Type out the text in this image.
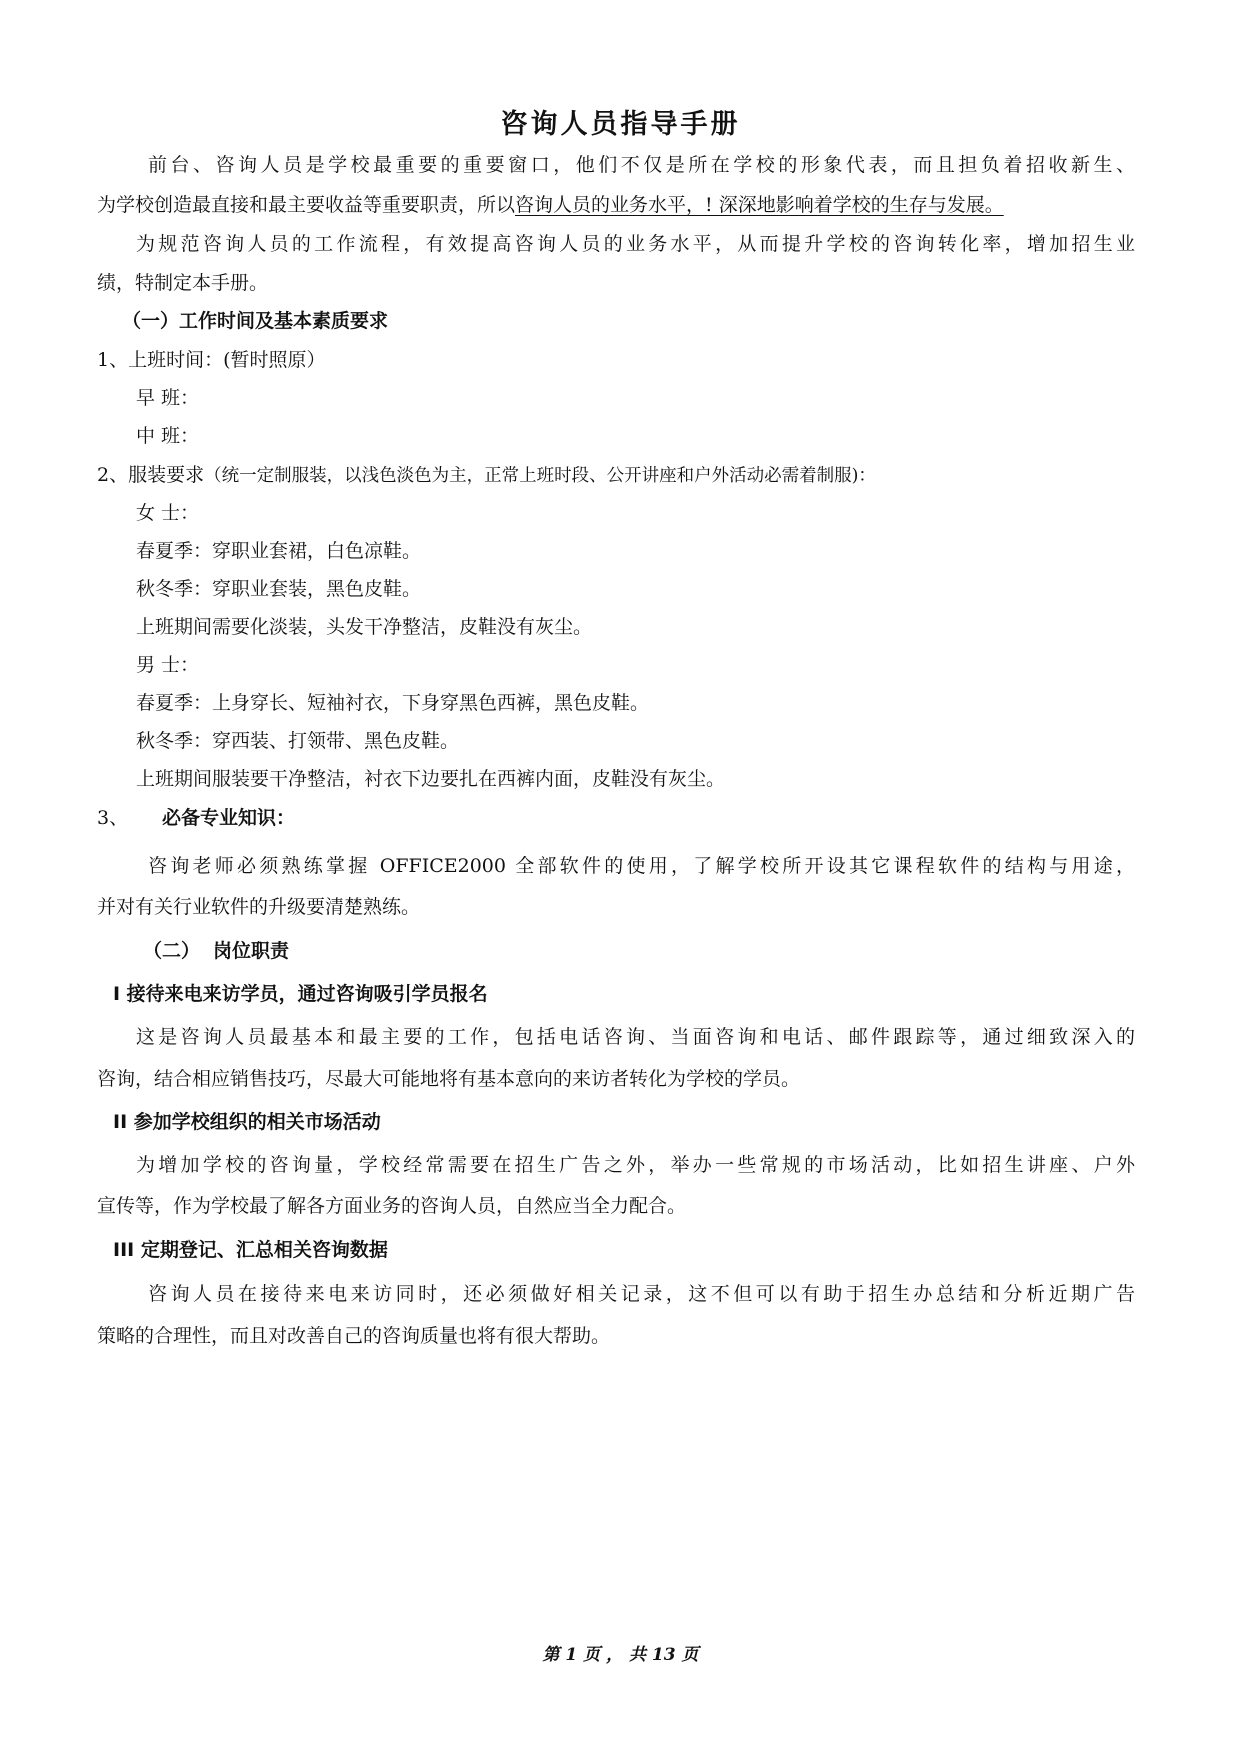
咨询人员指导手册
前台、咨询人员是学校最重要的重要窗口，他们不仅是所在学校的形象代表，而且担负着招收新生、
为学校创造最直接和最主要收益等重要职责，所以咨询人员的业务水平，! 深深地影响着学校的生存与发展。
为规范咨询人员的工作流程，有效提高咨询人员的业务水平，从而提升学校的咨询转化率，增加招生业
绩，特制定本手册。
（一）工作时间及基本素质要求
1、上班时间：(暂时照原）
早 班：
中 班：
2、服装要求（统一定制服装，以浅色淡色为主，正常上班时段、公开讲座和户外活动必需着制服)：
女 士：
春夏季：穿职业套裙，白色凉鞋。
秋冬季：穿职业套装，黑色皮鞋。
上班期间需要化淡装，头发干净整洁，皮鞋没有灰尘。
男 士：
春夏季：上身穿长、短袖衬衣，下身穿黑色西裤，黑色皮鞋。
秋冬季：穿西装、打领带、黑色皮鞋。
上班期间服装要干净整洁，衬衣下边要扎在西裤内面，皮鞋没有灰尘。
3、 必备专业知识：
咨询老师必须熟练掌握 OFFICE2000 全部软件的使用，了解学校所开设其它课程软件的结构与用途，
并对有关行业软件的升级要清楚熟练。
（二） 岗位职责
I 接待来电来访学员，通过咨询吸引学员报名
这是咨询人员最基本和最主要的工作，包括电话咨询、当面咨询和电话、邮件跟踪等，通过细致深入的
咨询，结合相应销售技巧，尽最大可能地将有基本意向的来访者转化为学校的学员。
II 参加学校组织的相关市场活动
为增加学校的咨询量，学校经常需要在招生广告之外，举办一些常规的市场活动，比如招生讲座、户外
宣传等，作为学校最了解各方面业务的咨询人员，自然应当全力配合。
III 定期登记、汇总相关咨询数据
咨询人员在接待来电来访同时，还必须做好相关记录，这不但可以有助于招生办总结和分析近期广告
策略的合理性，而且对改善自己的咨询质量也将有很大帮助。
第 1 页 ， 共 13 页
